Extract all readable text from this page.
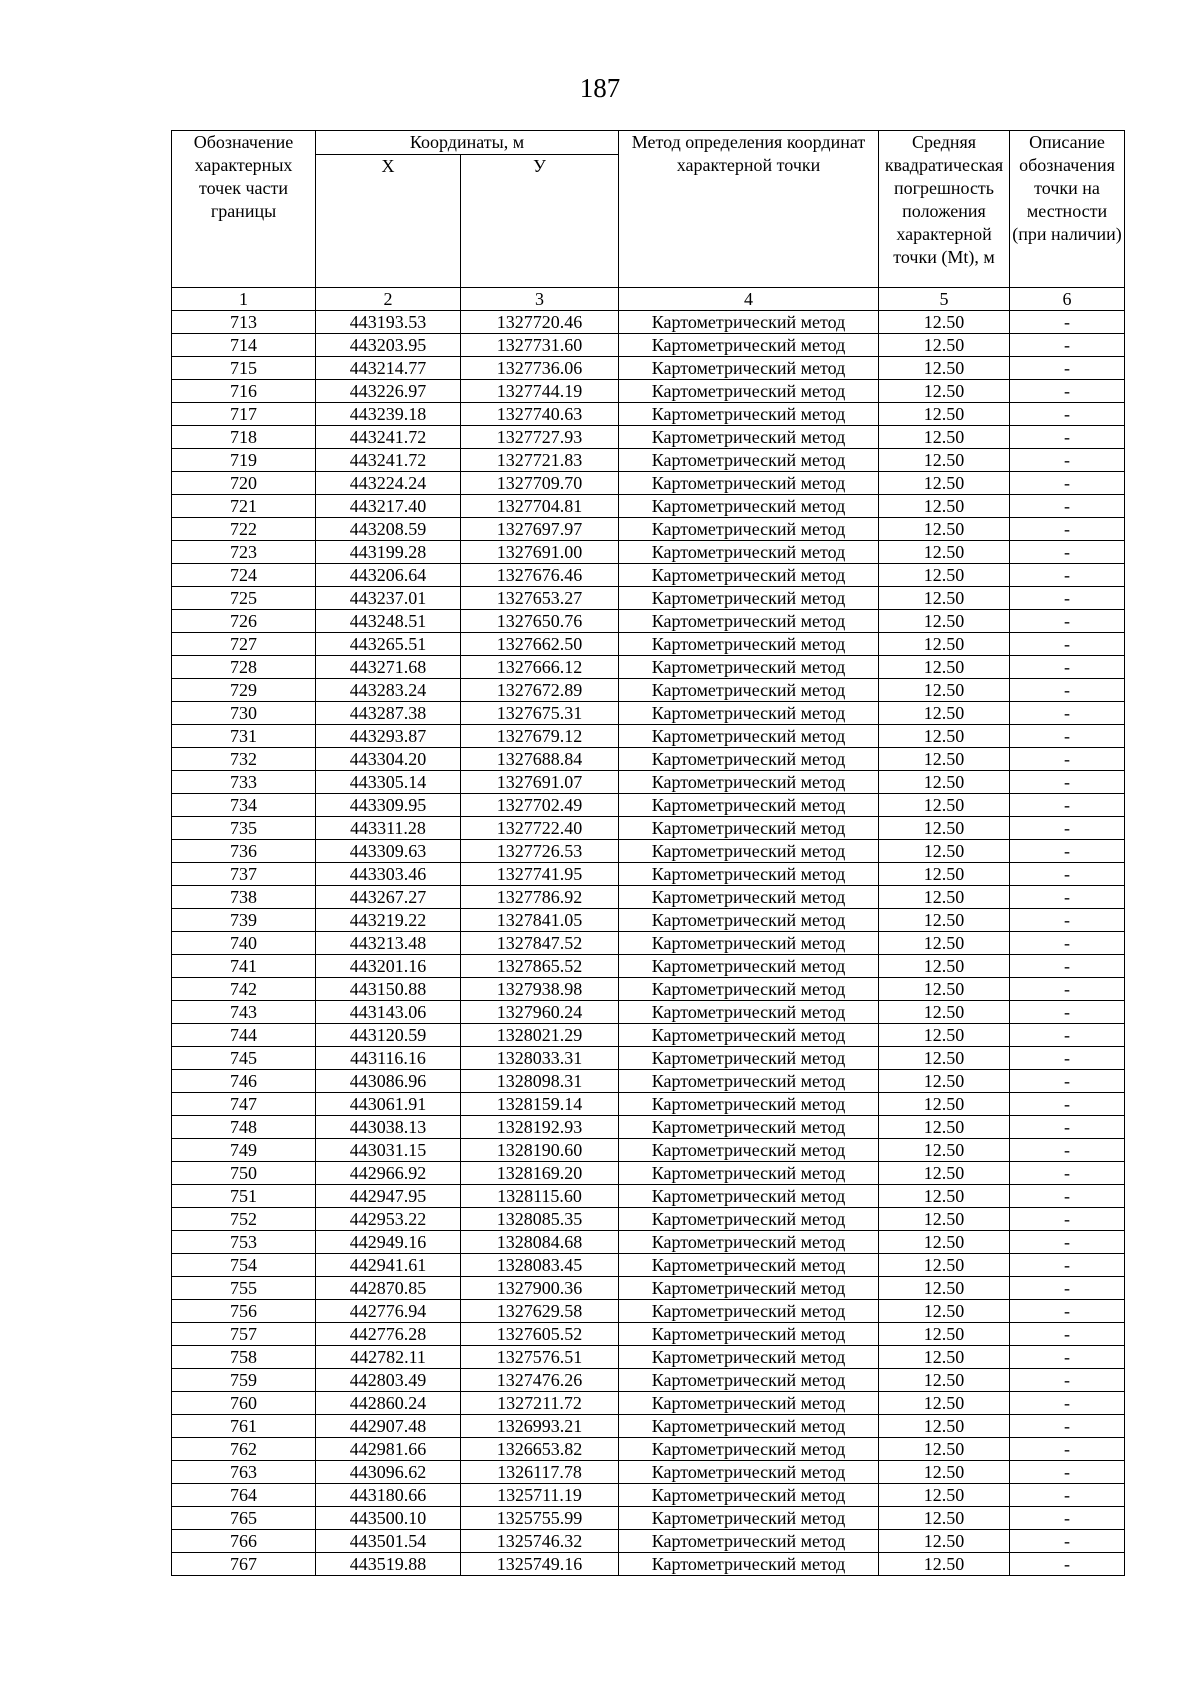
187
Обозначение характерных точек части границы	Координаты, м		Метод определения координат характерной точки	Средняя квадратическая погрешность положения характерной точки (Mt), м	Описание обозначения точки на местности (при наличии)
	X	У			
1	2	3	4	5	6
713	443193.53	1327720.46	Картометрический метод	12.50	-
714	443203.95	1327731.60	Картометрический метод	12.50	-
715	443214.77	1327736.06	Картометрический метод	12.50	-
716	443226.97	1327744.19	Картометрический метод	12.50	-
717	443239.18	1327740.63	Картометрический метод	12.50	-
718	443241.72	1327727.93	Картометрический метод	12.50	-
719	443241.72	1327721.83	Картометрический метод	12.50	-
720	443224.24	1327709.70	Картометрический метод	12.50	-
721	443217.40	1327704.81	Картометрический метод	12.50	-
722	443208.59	1327697.97	Картометрический метод	12.50	-
723	443199.28	1327691.00	Картометрический метод	12.50	-
724	443206.64	1327676.46	Картометрический метод	12.50	-
725	443237.01	1327653.27	Картометрический метод	12.50	-
726	443248.51	1327650.76	Картометрический метод	12.50	-
727	443265.51	1327662.50	Картометрический метод	12.50	-
728	443271.68	1327666.12	Картометрический метод	12.50	-
729	443283.24	1327672.89	Картометрический метод	12.50	-
730	443287.38	1327675.31	Картометрический метод	12.50	-
731	443293.87	1327679.12	Картометрический метод	12.50	-
732	443304.20	1327688.84	Картометрический метод	12.50	-
733	443305.14	1327691.07	Картометрический метод	12.50	-
734	443309.95	1327702.49	Картометрический метод	12.50	-
735	443311.28	1327722.40	Картометрический метод	12.50	-
736	443309.63	1327726.53	Картометрический метод	12.50	-
737	443303.46	1327741.95	Картометрический метод	12.50	-
738	443267.27	1327786.92	Картометрический метод	12.50	-
739	443219.22	1327841.05	Картометрический метод	12.50	-
740	443213.48	1327847.52	Картометрический метод	12.50	-
741	443201.16	1327865.52	Картометрический метод	12.50	-
742	443150.88	1327938.98	Картометрический метод	12.50	-
743	443143.06	1327960.24	Картометрический метод	12.50	-
744	443120.59	1328021.29	Картометрический метод	12.50	-
745	443116.16	1328033.31	Картометрический метод	12.50	-
746	443086.96	1328098.31	Картометрический метод	12.50	-
747	443061.91	1328159.14	Картометрический метод	12.50	-
748	443038.13	1328192.93	Картометрический метод	12.50	-
749	443031.15	1328190.60	Картометрический метод	12.50	-
750	442966.92	1328169.20	Картометрический метод	12.50	-
751	442947.95	1328115.60	Картометрический метод	12.50	-
752	442953.22	1328085.35	Картометрический метод	12.50	-
753	442949.16	1328084.68	Картометрический метод	12.50	-
754	442941.61	1328083.45	Картометрический метод	12.50	-
755	442870.85	1327900.36	Картометрический метод	12.50	-
756	442776.94	1327629.58	Картометрический метод	12.50	-
757	442776.28	1327605.52	Картометрический метод	12.50	-
758	442782.11	1327576.51	Картометрический метод	12.50	-
759	442803.49	1327476.26	Картометрический метод	12.50	-
760	442860.24	1327211.72	Картометрический метод	12.50	-
761	442907.48	1326993.21	Картометрический метод	12.50	-
762	442981.66	1326653.82	Картометрический метод	12.50	-
763	443096.62	1326117.78	Картометрический метод	12.50	-
764	443180.66	1325711.19	Картометрический метод	12.50	-
765	443500.10	1325755.99	Картометрический метод	12.50	-
766	443501.54	1325746.32	Картометрический метод	12.50	-
767	443519.88	1325749.16	Картометрический метод	12.50	-
